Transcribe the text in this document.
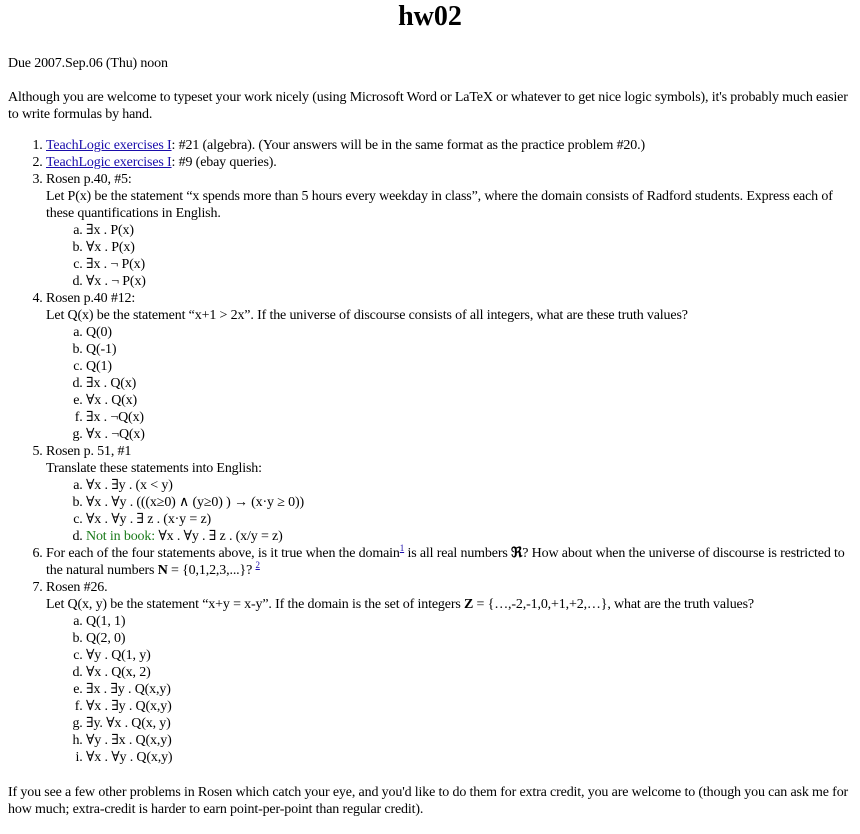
hw02

Due 2007.Sep.06 (Thu) noon

Although you are welcome to typeset your work nicely (using Microsoft Word or LaTeX or whatever to get nice logic symbols), it's probably much easier to write formulas by hand.

1. TeachLogic exercises I: #21 (algebra). (Your answers will be in the same format as the practice problem #20.)
2. TeachLogic exercises I: #9 (ebay queries).
3. Rosen p.40, #5:
Let P(x) be the statement “x spends more than 5 hours every weekday in class”, where the domain consists of Radford students. Express each of these quantifications in English.
a. ∃x . P(x)
b. ∀x . P(x)
c. ∃x . ¬ P(x)
d. ∀x . ¬ P(x)
4. Rosen p.40 #12:
Let Q(x) be the statement “x+1 > 2x”. If the universe of discourse consists of all integers, what are these truth values?
a. Q(0)
b. Q(-1)
c. Q(1)
d. ∃x . Q(x)
e. ∀x . Q(x)
f. ∃x . ¬Q(x)
g. ∀x . ¬Q(x)
5. Rosen p. 51, #1
Translate these statements into English:
a. ∀x . ∃y . (x < y)
b. ∀x . ∀y . (((x≥0) ∧ (y≥0) ) → (x·y ≥ 0))
c. ∀x . ∀y . ∃ z . (x·y = z)
d. Not in book: ∀x . ∀y . ∃ z . (x/y = z)
6. For each of the four statements above, is it true when the domain$^1$ is all real numbers ℜ? How about when the universe of discourse is restricted to the natural numbers N = {0,1,2,3,...}? $^2$
7. Rosen #26.
Let Q(x, y) be the statement “x+y = x-y”. If the domain is the set of integers Z = {…,-2,-1,0,+1,+2,…}, what are the truth values?
a. Q(1, 1)
b. Q(2, 0)
c. ∀y . Q(1, y)
d. ∀x . Q(x, 2)
e. ∃x . ∃y . Q(x,y)
f. ∀x . ∃y . Q(x,y)
g. ∃y. ∀x . Q(x, y)
h. ∀y . ∃x . Q(x,y)
i. ∀x . ∀y . Q(x,y)

If you see a few other problems in Rosen which catch your eye, and you'd like to do them for extra credit, you are welcome to (though you can ask me for how much; extra-credit is harder to earn point-per-point than regular credit).
